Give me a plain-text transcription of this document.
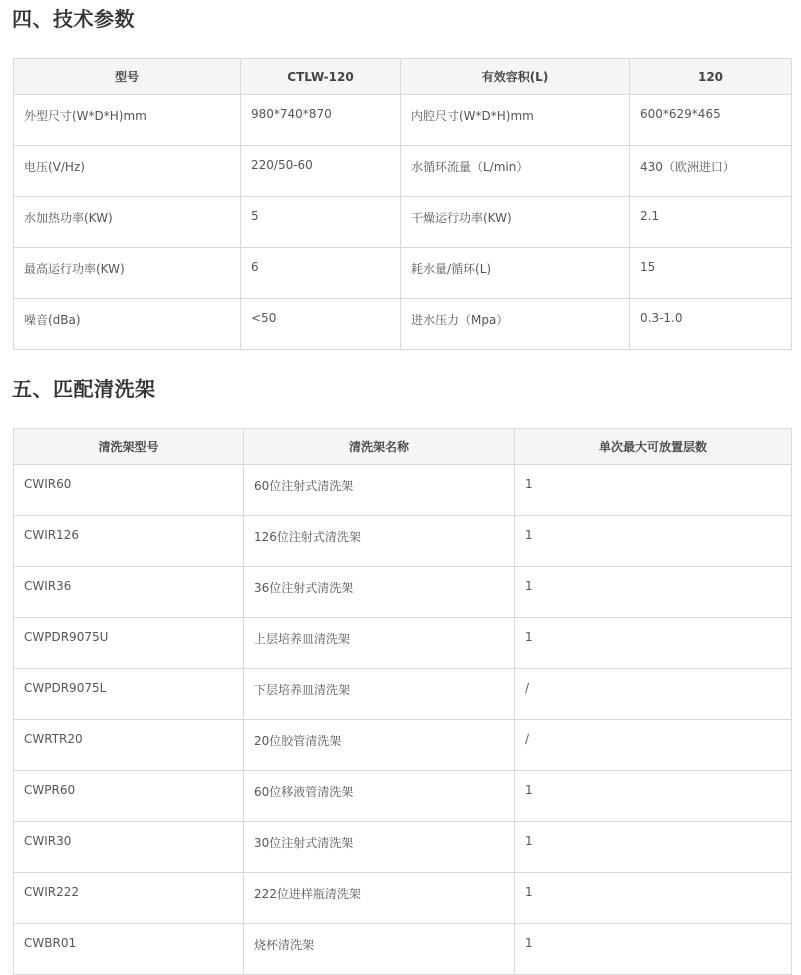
四、技术参数
型号	CTLW-120	有效容积(L)	120
外型尺寸(W*D*H)mm	980*740*870	内腔尺寸(W*D*H)mm	600*629*465
电压(V/Hz)	220/50-60	水循环流量（L/min）	430（欧洲进口）
水加热功率(KW)	5	干燥运行功率(KW)	2.1
最高运行功率(KW)	6	耗水量/循环(L)	15
噪音(dBa)	<50	进水压力（Mpa）	0.3-1.0
五、匹配清洗架
清洗架型号	清洗架名称	单次最大可放置层数
CWIR60	60位注射式清洗架	1
CWIR126	126位注射式清洗架	1
CWIR36	36位注射式清洗架	1
CWPDR9075U	上层培养皿清洗架	1
CWPDR9075L	下层培养皿清洗架	/
CWRTR20	20位胶管清洗架	/
CWPR60	60位移液管清洗架	1
CWIR30	30位注射式清洗架	1
CWIR222	222位进样瓶清洗架	1
CWBR01	烧杯清洗架	1
